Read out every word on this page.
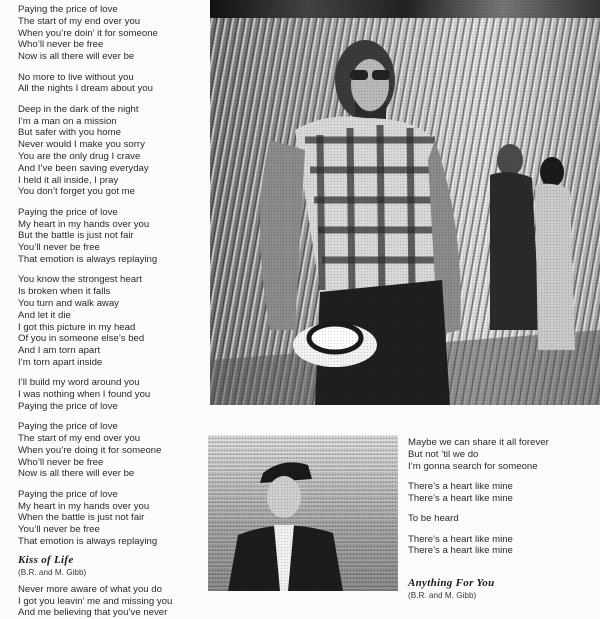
Paying the price of love
The start of my end over you
When you’re doin’ it for someone
Who’ll never be free
Now is all there will ever be
No more to live without you
All the nights I dream about you
Deep in the dark of the night
I’m a man on a mission
But safer with you home
Never would I make you sorry
You are the only drug I crave
And I’ve been saving everyday
I held it all inside, I pray
You don’t forget you got me
Paying the price of love
My heart in my hands over you
But the battle is just not fair
You’ll never be free
That emotion is always replaying
You know the strongest heart
Is broken when it falls
You turn and walk away
And let it die
I got this picture in my head
Of you in someone else’s bed
And I am torn apart
I’m torn apart inside
I’ll build my word around you
I was nothing when I found you
Paying the price of love
Paying the price of love
The start of my end over you
When you’re doing it for someone
Who’ll never be free
Now is all there will ever be
Paying the price of love
My heart in my hands over you
When the battle is just not fair
You’ll never be free
That emotion is always replaying
Kiss of Life
(B.R. and M. Gibb)
Never more aware of what you do
I got you leavin’ me and missing you
And me believing that you’ve never
Maybe we can share it all forever
But not ’til we do
I’m gonna search for someone
There’s a heart like mine
There’s a heart like mine
To be heard
There’s a heart like mine
There’s a heart like mine
Anything For You
(B.R. and M. Gibb)
